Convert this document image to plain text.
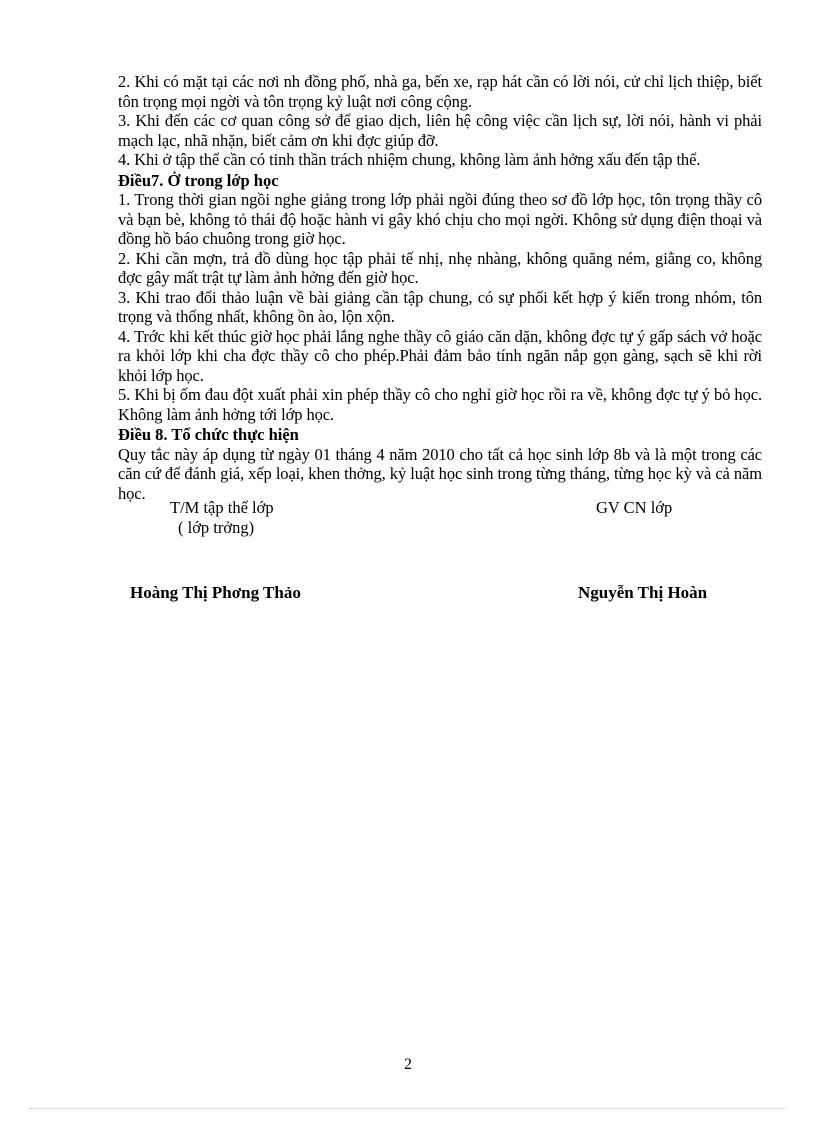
2. Khi có mặt tại các nơi nh đồng phố, nhà ga, bến xe, rạp hát cần có lời nói, cử chỉ lịch thiệp, biết tôn trọng mọi ngời và tôn trọng kỷ luật nơi công cộng.

3. Khi đến các cơ quan công sở để giao dịch, liên hệ công việc cần lịch sự, lời nói, hành vi phải mạch lạc, nhã nhặn, biết cảm ơn khi đợc giúp đỡ.

4. Khi ở tập thể cần có tinh thần trách nhiệm chung, không làm ảnh hởng xấu đến tập thể.

Điều7. Ở trong lớp học

1. Trong thời gian ngồi nghe giảng trong lớp phải ngồi đúng theo sơ đồ lớp học, tôn trọng thầy cô và bạn bè, không tỏ thái độ hoặc hành vi gây khó chịu cho mọi ngời. Không sử dụng điện thoại và đồng hồ báo chuông trong giờ học.

2. Khi cần mợn, trả đồ dùng học tập phải tế nhị, nhẹ nhàng, không quăng ném, giằng co, không đợc gây mất trật tự làm ảnh hởng đến giờ học.

3. Khi trao đổi thảo luận về bài giảng cần tập chung, có sự phối kết hợp ý kiến trong nhóm, tôn trọng và thống nhất, không ồn ào, lộn xộn.

4. Trớc khi kết thúc giờ học phải lắng nghe thầy cô giáo căn dặn, không đợc tự ý gấp sách vở hoặc ra khỏi lớp khi cha đợc thầy cô cho phép.Phải đảm bảo tính ngăn nắp gọn gàng, sạch sẽ khi rời khỏi lớp học.

5. Khi bị ốm đau đột xuất phải xin phép thầy cô cho nghỉ giờ học rồi ra về, không đợc tự ý bỏ học. Không làm ảnh hởng tới lớp học.

Điều 8. Tổ chức thực hiện

Quy tắc này áp dụng từ ngày 01 tháng 4 năm 2010 cho tất cả học sinh lớp 8b và là một trong các căn cứ để đánh giá, xếp loại, khen thởng, kỷ luật học sinh trong từng tháng, từng học kỳ và cả năm học.

T/M tập thể lớp
( lớp trởng)
GV CN lớp
Hoàng Thị Phơng Thảo	Nguyễn Thị Hoàn
2
